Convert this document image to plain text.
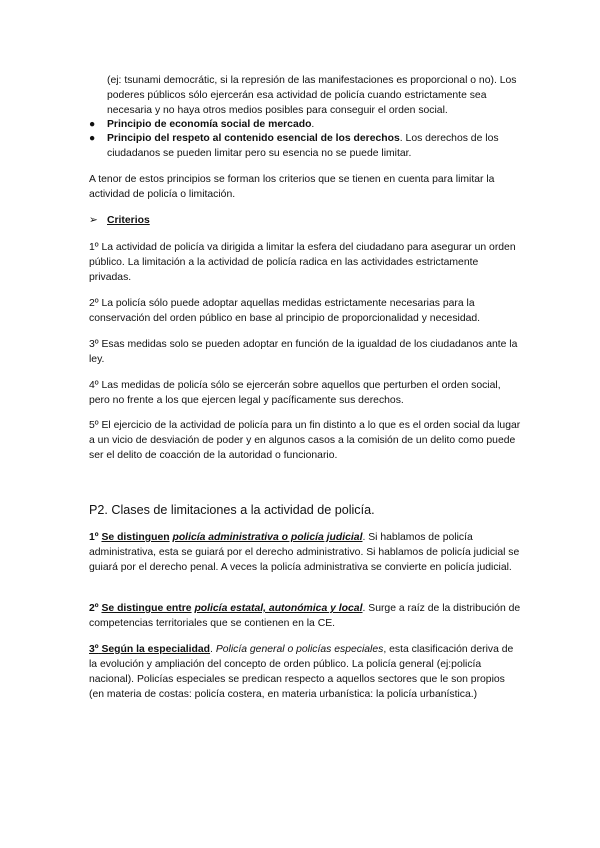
(ej: tsunami democrátic, si la represión de las manifestaciones es proporcional o no). Los poderes públicos sólo ejercerán esa actividad de policía cuando estrictamente sea necesaria y no haya otros medios posibles para conseguir el orden social.

●	Principio de economía social de mercado.
●	Principio del respeto al contenido esencial de los derechos. Los derechos de los ciudadanos se pueden limitar pero su esencia no se puede limitar.

A tenor de estos principios se forman los criterios que se tienen en cuenta para limitar la actividad de policía o limitación.

➢ Criterios

1º La actividad de policía va dirigida a limitar la esfera del ciudadano para asegurar un orden público. La limitación a la actividad de policía radica en las actividades estrictamente privadas.

2º La policía sólo puede adoptar aquellas medidas estrictamente necesarias para la conservación del orden público en base al principio de proporcionalidad y necesidad.

3º Esas medidas solo se pueden adoptar en función de la igualdad de los ciudadanos ante la ley.

4º Las medidas de policía sólo se ejercerán sobre aquellos que perturben el orden social, pero no frente a los que ejercen legal y pacíficamente sus derechos.

5º El ejercicio de la actividad de policía para un fin distinto a lo que es el orden social da lugar a un vicio de desviación de poder y en algunos casos a la comisión de un delito como puede ser el delito de coacción de la autoridad o funcionario.

P2. Clases de limitaciones a la actividad de policía.

1º Se distinguen policía administrativa o policía judicial. Si hablamos de policía administrativa, esta se guiará por el derecho administrativo. Si hablamos de policía judicial se guiará por el derecho penal. A veces la policía administrativa se convierte en policía judicial.

2º Se distingue entre policía estatal, autonómica y local. Surge a raíz de la distribución de competencias territoriales que se contienen en la CE.

3º Según la especialidad. Policía general o policías especiales, esta clasificación deriva de la evolución y ampliación del concepto de orden público. La policía general (ej:policía nacional). Policías especiales se predican respecto a aquellos sectores que le son propios (en materia de costas: policía costera, en materia urbanística: la policía urbanística.)
